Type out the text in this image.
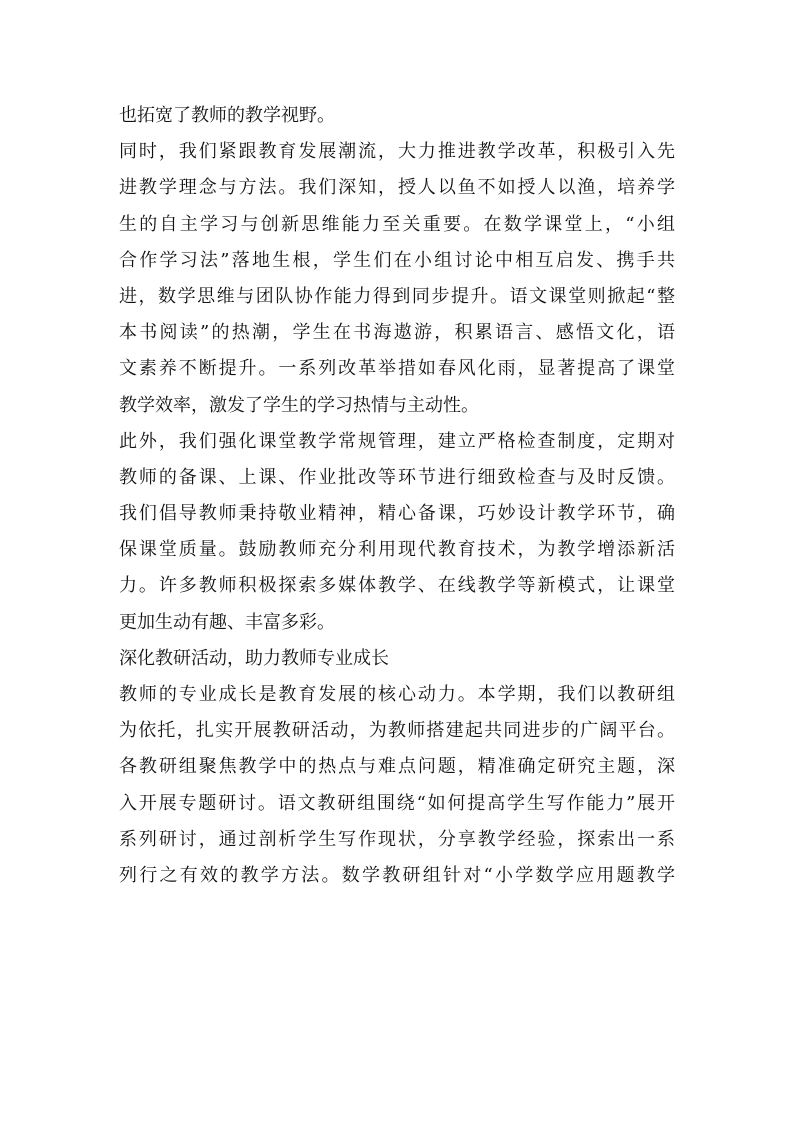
也拓宽了教师的教学视野。
同时，我们紧跟教育发展潮流，大力推进教学改革，积极引入先
进教学理念与方法。我们深知，授人以鱼不如授人以渔，培养学
生的自主学习与创新思维能力至关重要。在数学课堂上，“小组
合作学习法”落地生根，学生们在小组讨论中相互启发、携手共
进，数学思维与团队协作能力得到同步提升。语文课堂则掀起“整
本书阅读”的热潮，学生在书海遨游，积累语言、感悟文化，语
文素养不断提升。一系列改革举措如春风化雨，显著提高了课堂
教学效率，激发了学生的学习热情与主动性。
此外，我们强化课堂教学常规管理，建立严格检查制度，定期对
教师的备课、上课、作业批改等环节进行细致检查与及时反馈。
我们倡导教师秉持敬业精神，精心备课，巧妙设计教学环节，确
保课堂质量。鼓励教师充分利用现代教育技术，为教学增添新活
力。许多教师积极探索多媒体教学、在线教学等新模式，让课堂
更加生动有趣、丰富多彩。
深化教研活动，助力教师专业成长
教师的专业成长是教育发展的核心动力。本学期，我们以教研组
为依托，扎实开展教研活动，为教师搭建起共同进步的广阔平台。
各教研组聚焦教学中的热点与难点问题，精准确定研究主题，深
入开展专题研讨。语文教研组围绕“如何提高学生写作能力”展开
系列研讨，通过剖析学生写作现状，分享教学经验，探索出一系
列行之有效的教学方法。数学教研组针对“小学数学应用题教学
